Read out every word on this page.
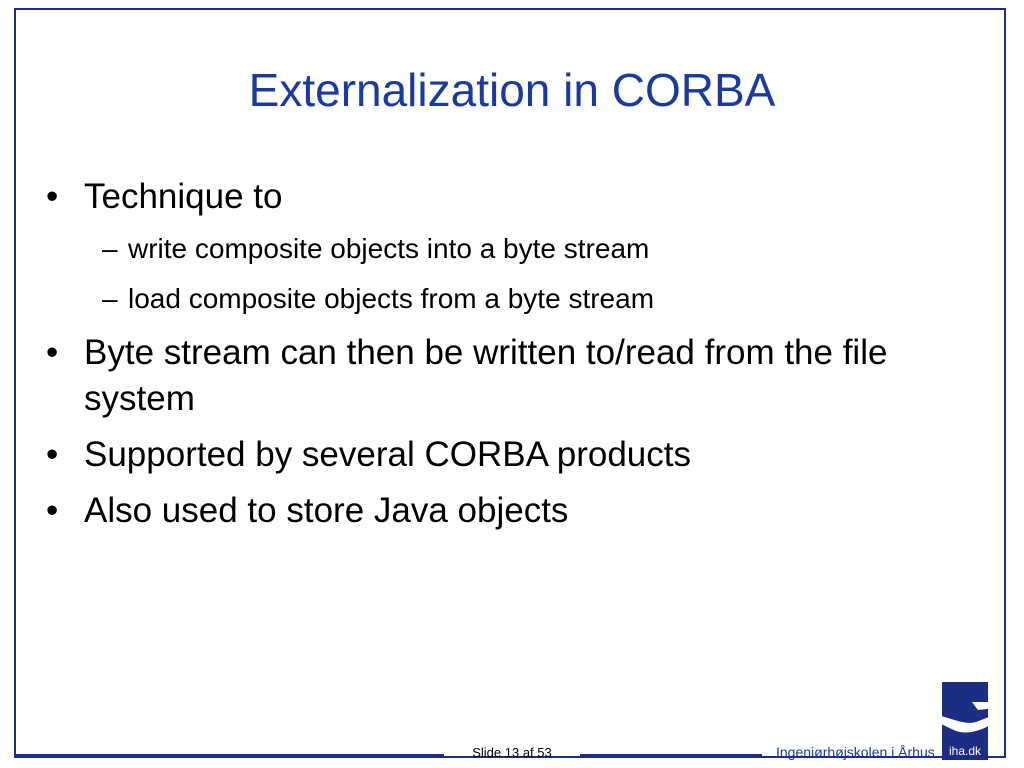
Externalization in CORBA
• Technique to
– write composite objects into a byte stream
– load composite objects from a byte stream
• Byte stream can then be written to/read from the file system
• Supported by several CORBA products
• Also used to store Java objects
Slide 13 af 53	Ingeniørhøjskolen i Århus iha.dk
